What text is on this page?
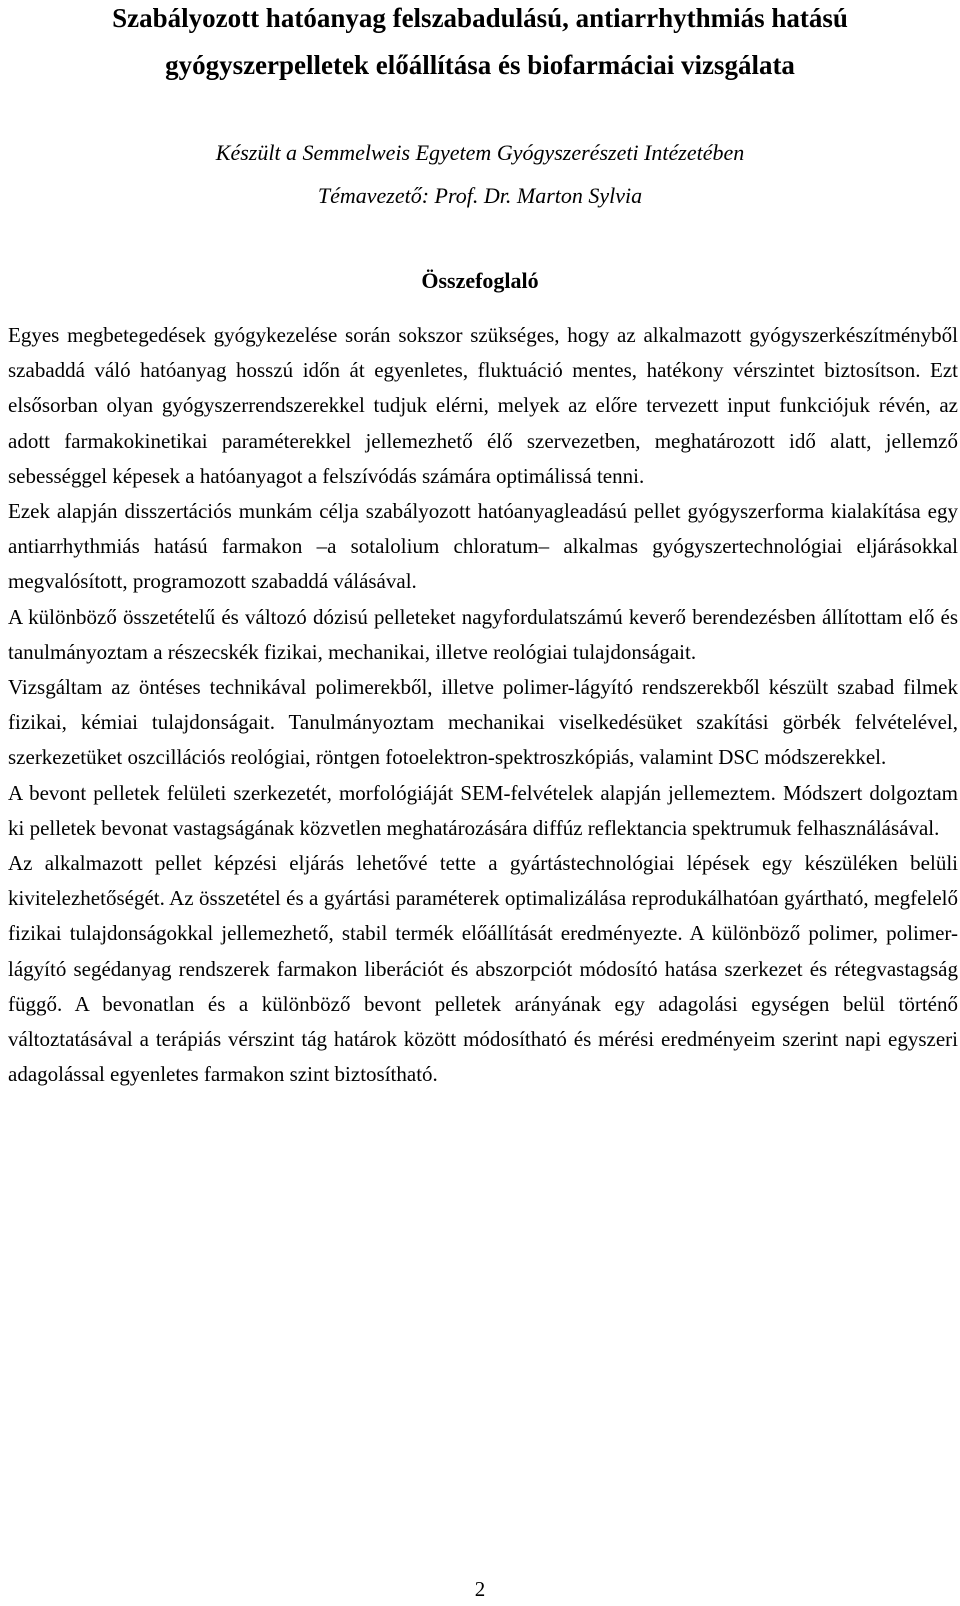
Szabályozott hatóanyag felszabadulású, antiarrhythmiás hatású
gyógyszerpelletek előállítása és biofarmáciai vizsgálata

Készült a Semmelweis Egyetem Gyógyszerészeti Intézetében

Témavezető: Prof. Dr. Marton Sylvia

Összefoglaló

Egyes megbetegedések gyógykezelése során sokszor szükséges, hogy az alkalmazott gyógyszerkészítményből szabaddá váló hatóanyag hosszú időn át egyenletes, fluktuáció mentes, hatékony vérszintet biztosítson. Ezt elsősorban olyan gyógyszerrendszerekkel tudjuk elérni, melyek az előre tervezett input funkciójuk révén, az adott farmakokinetikai paraméterekkel jellemezhető élő szervezetben, meghatározott idő alatt, jellemző sebességgel képesek a hatóanyagot a felszívódás számára optimálissá tenni.

Ezek alapján disszertációs munkám célja szabályozott hatóanyagleadású pellet gyógyszerforma kialakítása egy antiarrhythmiás hatású farmakon –a sotalolium chloratum– alkalmas gyógyszertechnológiai eljárásokkal megvalósított, programozott szabaddá válásával.

A különböző összetételű és változó dózisú pelleteket nagyfordulatszámú keverő berendezésben állítottam elő és tanulmányoztam a részecskék fizikai, mechanikai, illetve reológiai tulajdonságait.

Vizsgáltam az öntéses technikával polimerekből, illetve polimer-lágyító rendszerekből készült szabad filmek fizikai, kémiai tulajdonságait. Tanulmányoztam mechanikai viselkedésüket szakítási görbék felvételével, szerkezetüket oszcillációs reológiai, röntgen fotoelektron-spektroszkópiás, valamint DSC módszerekkel.

A bevont pelletek felületi szerkezetét, morfológiáját SEM-felvételek alapján jellemeztem. Módszert dolgoztam ki pelletek bevonat vastagságának közvetlen meghatározására diffúz reflektancia spektrumuk felhasználásával.

Az alkalmazott pellet képzési eljárás lehetővé tette a gyártástechnológiai lépések egy készüléken belüli kivitelezhetőségét. Az összetétel és a gyártási paraméterek optimalizálása reprodukálhatóan gyártható, megfelelő fizikai tulajdonságokkal jellemezhető, stabil termék előállítását eredményezte. A különböző polimer, polimer-lágyító segédanyag rendszerek farmakon liberációt és abszorpciót módosító hatása szerkezet és rétegvastagság függő. A bevonatlan és a különböző bevont pelletek arányának egy adagolási egységen belül történő változtatásával a terápiás vérszint tág határok között módosítható és mérési eredményeim szerint napi egyszeri adagolással egyenletes farmakon szint biztosítható.

2
